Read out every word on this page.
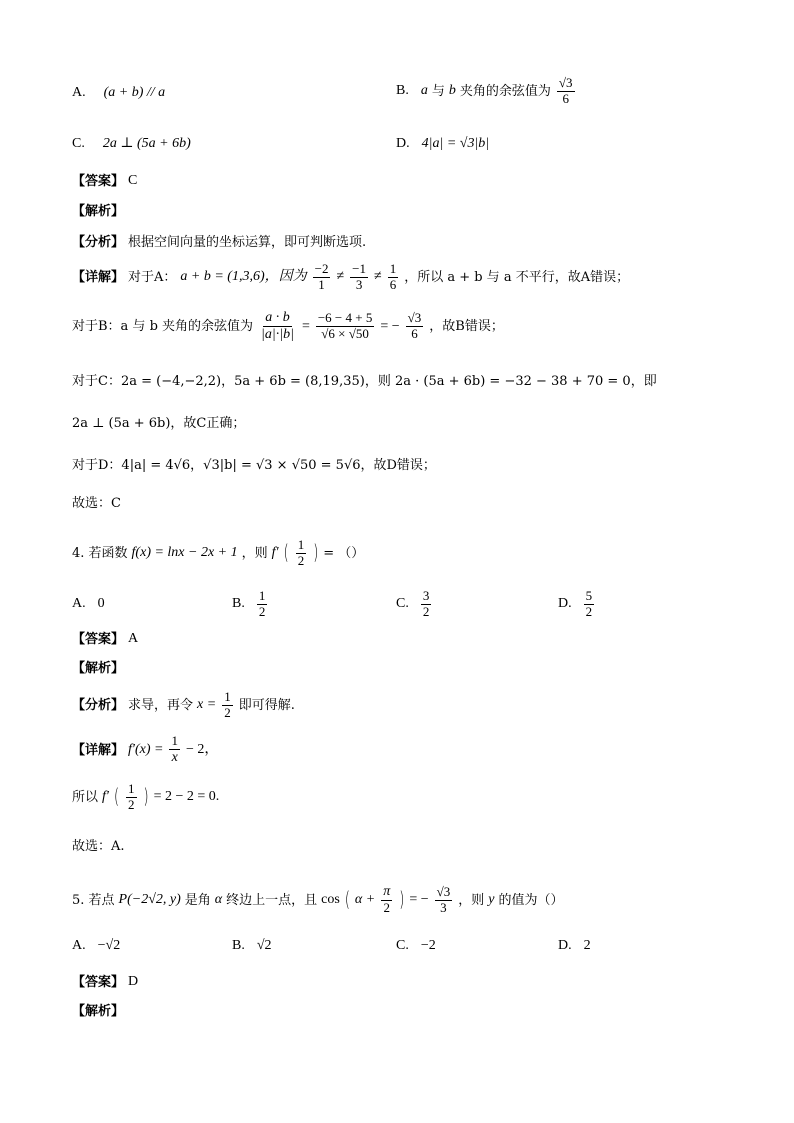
A. (a + b) // a	B. a 与 b 夹角的余弦值为 $\frac{√3}{6}$
C. 2a ⊥ (5a + 6b)	D. 4|a| = √3|b|
【答案】 C
【解析】
【分析】 根据空间向量的坐标运算，即可判断选项.
【详解】 对于A： a + b = (1,3,6)，因为 $\frac{-2}{1} \ne \frac{-1}{3} \ne \frac{1}{6}$ ，所以 a + b 与 a 不平行，故A错误；
对于B：a 与 b 夹角的余弦值为 $\frac{a \cdot b}{|a|\cdot|b|} = \frac{-6 - 4 + 5}{√6 \times √50}$ = − $\frac{√3}{6}$ ，故B错误；
对于C：2a = (−4,−2,2)，5a + 6b = (8,19,35)，则 2a · (5a + 6b) = −32 − 38 + 70 = 0，即
2a ⊥ (5a + 6b)，故C正确；
对于D：4|a| = 4√6，√3|b| = √3 × √50 = 5√6，故D错误；
故选：C
4. 若函数 f(x) = lnx − 2x + 1 ，则 f′ ( $\frac{1}{2}$ ) = （）
A. 0	B. $\frac{1}{2}$	C. $\frac{3}{2}$	D. $\frac{5}{2}$
【答案】 A
【解析】
【分析】 求导，再令 $x = \frac{1}{2}$ 即可得解.
【详解】 $f'(x) = \frac{1}{x} - 2$，
所以 f′ ( $\frac{1}{2}$ ) = 2 − 2 = 0.
故选：A.
5. 若点 P(−2√2, y) 是角 α 终边上一点，且 cos ( $\alpha + \frac{\pi}{2}$ ) = − $\frac{√3}{3}$ ，则 y 的值为（）
A. −√2	B. √2	C. −2	D. 2
【答案】 D
【解析】
